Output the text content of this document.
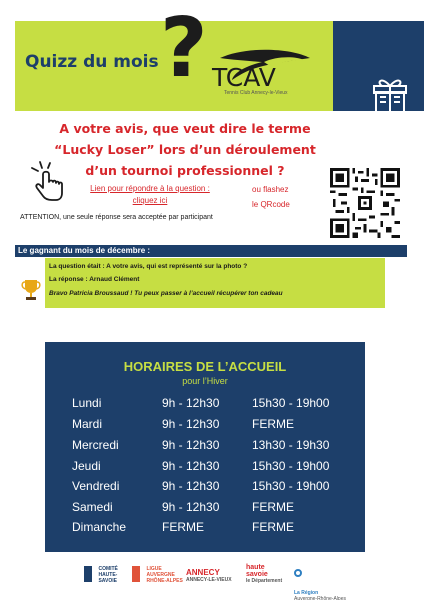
Quizz du mois ? TCAV
Tennis Club Annecy-le-Vieux
A votre avis, que veut dire le terme
“Lucky Loser” lors d’un déroulement
d’un tournoi professionnel ?
Lien pour répondre à la question :
cliquez ici
ou flashez
le QRcode
ATTENTION, une seule réponse sera acceptée par participant
Le gagnant du mois de décembre :
La question était : A votre avis, qui est représenté sur la photo ?
La réponse : Arnaud Clément
Bravo Patricia Broussaud ! Tu peux passer à l’accueil récupérer ton cadeau
HORAIRES DE L’ACCUEIL
pour l’Hiver
Lundi	9h - 12h30	15h30 - 19h00
Mardi	9h - 12h30	FERME
Mercredi	9h - 12h30	13h30 - 19h30
Jeudi	9h - 12h30	15h30 - 19h00
Vendredi	9h - 12h30	15h30 - 19h00
Samedi	9h - 12h30	FERME
Dimanche	FERME	FERME
COMITÉ
HAUTE-
SAVOIE
LIGUE
AUVERGNE
RHÔNE-ALPES
ANNECY
ANNECY-LE-VIEUX
haute
savoie
le Département

La Région
Auvergne-Rhône-Alpes
